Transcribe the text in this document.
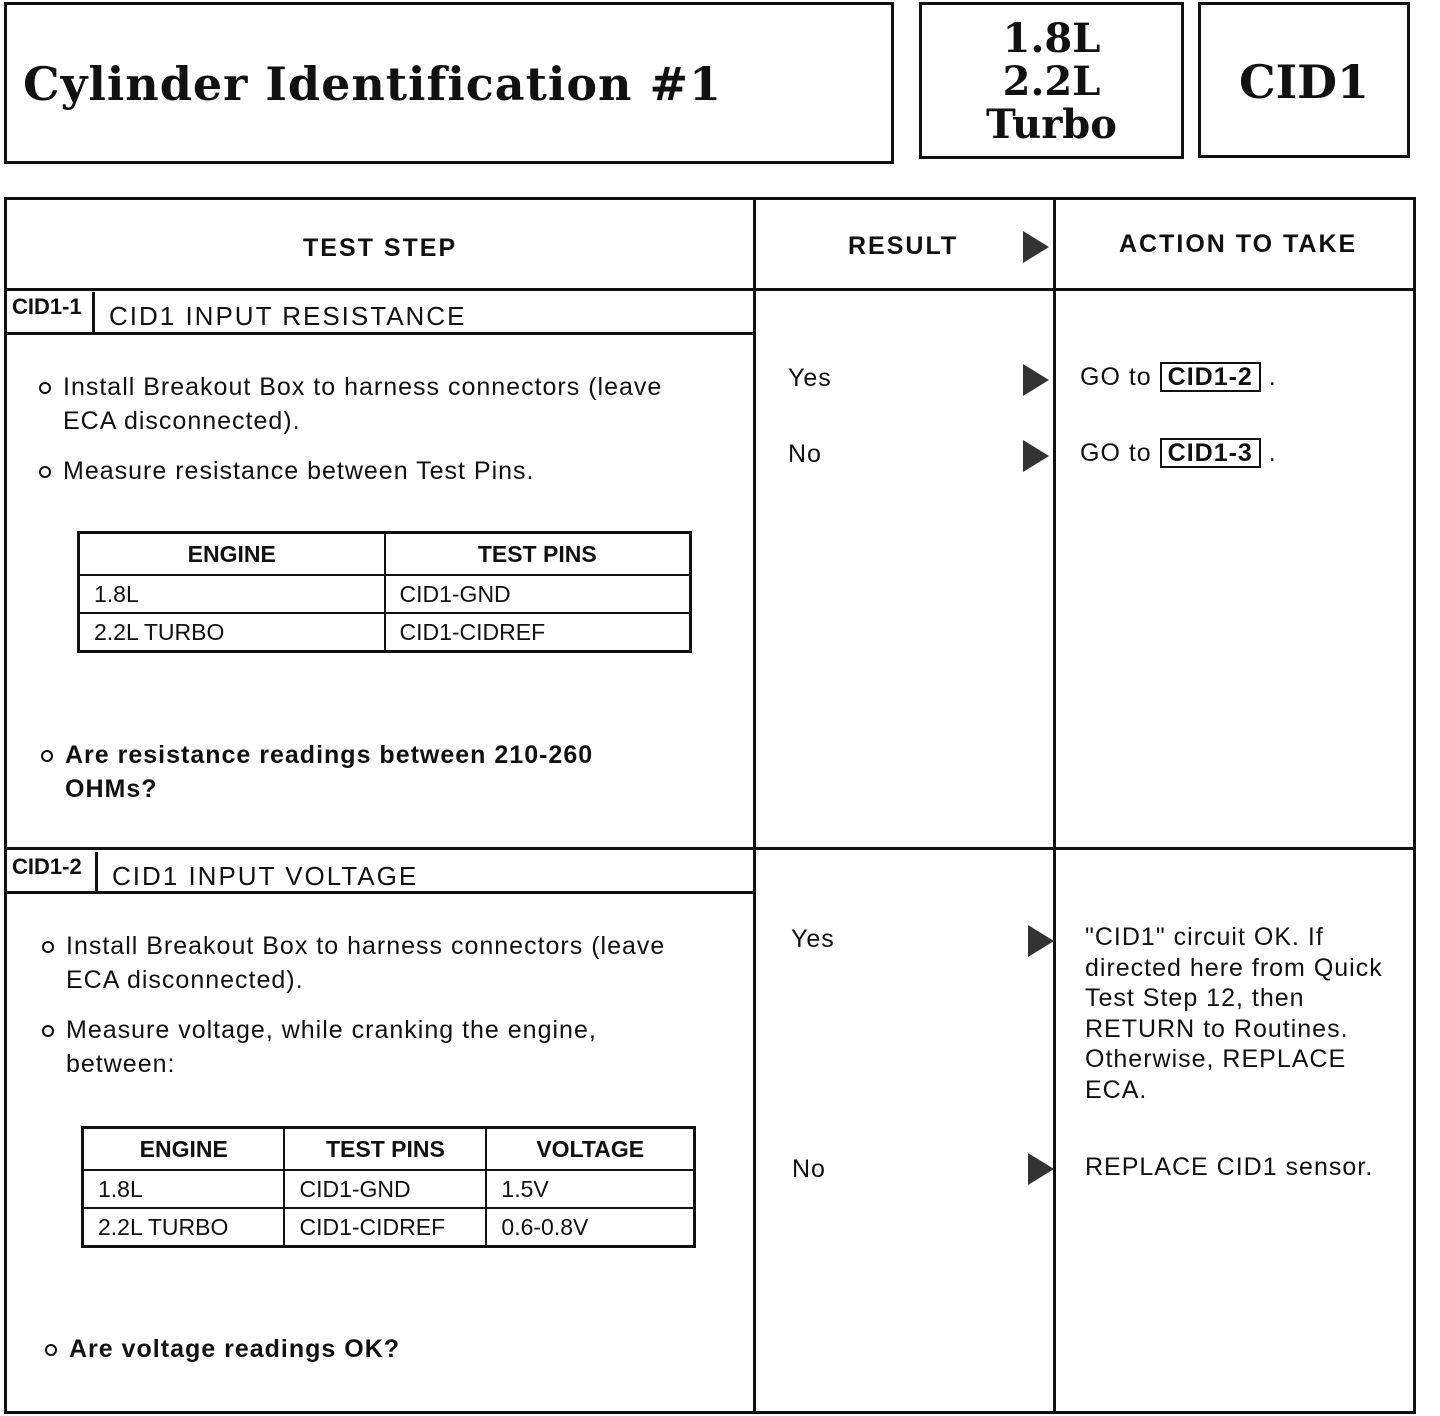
Cylinder Identification #1
1.8L
2.2L
Turbo
CID1
TEST STEP	RESULT	ACTION TO TAKE
CID1-1	CID1 INPUT RESISTANCE
Install Breakout Box to harness connectors (leave ECA disconnected).
Measure resistance between Test Pins.
ENGINE	TEST PINS
1.8L	CID1-GND
2.2L TURBO	CID1-CIDREF
Are resistance readings between 210-260 OHMs?
Yes	GO to CID1-2 .
No	GO to CID1-3 .
CID1-2	CID1 INPUT VOLTAGE
Install Breakout Box to harness connectors (leave ECA disconnected).
Measure voltage, while cranking the engine, between:
ENGINE	TEST PINS	VOLTAGE
1.8L	CID1-GND	1.5V
2.2L TURBO	CID1-CIDREF	0.6-0.8V
Are voltage readings OK?
Yes	"CID1" circuit OK. If directed here from Quick Test Step 12, then RETURN to Routines. Otherwise, REPLACE ECA.
No	REPLACE CID1 sensor.
